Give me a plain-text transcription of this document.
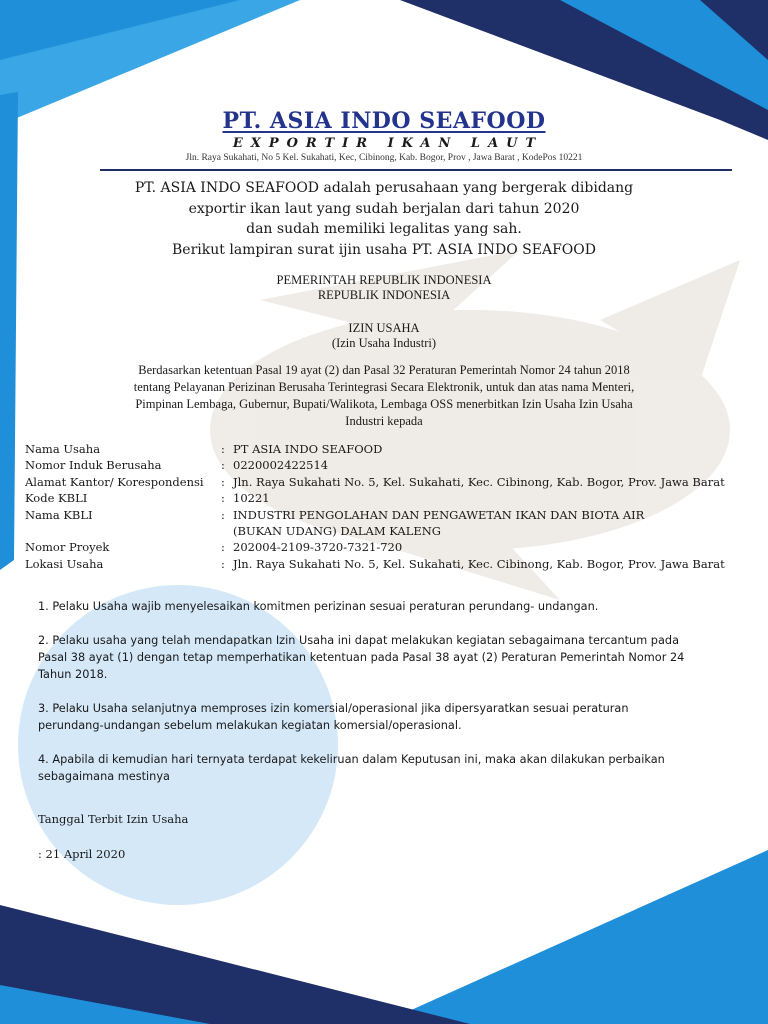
PT. ASIA INDO SEAFOOD
EXPORTIR IKAN LAUT
Jln. Raya Sukahati, No 5 Kel. Sukahati, Kec, Cibinong, Kab. Bogor, Prov , Jawa Barat , KodePos 10221
PT. ASIA INDO SEAFOOD adalah perusahaan yang bergerak dibidang
exportir ikan laut yang sudah berjalan dari tahun 2020
dan sudah memiliki legalitas yang sah.
Berikut lampiran surat ijin usaha PT. ASIA INDO SEAFOOD
PEMERINTAH REPUBLIK INDONESIA
REPUBLIK INDONESIA
IZIN USAHA
(Izin Usaha Industri)
Berdasarkan ketentuan Pasal 19 ayat (2) dan Pasal 32 Peraturan Pemerintah Nomor 24 tahun 2018
tentang Pelayanan Perizinan Berusaha Terintegrasi Secara Elektronik, untuk dan atas nama Menteri,
Pimpinan Lembaga, Gubernur, Bupati/Walikota, Lembaga OSS menerbitkan Izin Usaha Izin Usaha
Industri kepada
Nama Usaha	: PT ASIA INDO SEAFOOD
Nomor Induk Berusaha	: 0220002422514
Alamat Kantor/ Korespondensi	: Jln. Raya Sukahati No. 5, Kel. Sukahati, Kec. Cibinong, Kab. Bogor, Prov. Jawa Barat
Kode KBLI	: 10221
Nama KBLI	: INDUSTRI PENGOLAHAN DAN PENGAWETAN IKAN DAN BIOTA AIR
(BUKAN UDANG) DALAM KALENG
Nomor Proyek	: 202004-2109-3720-7321-720
Lokasi Usaha	: Jln. Raya Sukahati No. 5, Kel. Sukahati, Kec. Cibinong, Kab. Bogor, Prov. Jawa Barat
1. Pelaku Usaha wajib menyelesaikan komitmen perizinan sesuai peraturan perundang- undangan.
2. Pelaku usaha yang telah mendapatkan Izin Usaha ini dapat melakukan kegiatan sebagaimana tercantum pada
Pasal 38 ayat (1) dengan tetap memperhatikan ketentuan pada Pasal 38 ayat (2) Peraturan Pemerintah Nomor 24
Tahun 2018.
3. Pelaku Usaha selanjutnya memproses izin komersial/operasional jika dipersyaratkan sesuai peraturan
perundang-undangan sebelum melakukan kegiatan komersial/operasional.
4. Apabila di kemudian hari ternyata terdapat kekeliruan dalam Keputusan ini, maka akan dilakukan perbaikan
sebagaimana mestinya
Tanggal Terbit Izin Usaha
: 21 April 2020
